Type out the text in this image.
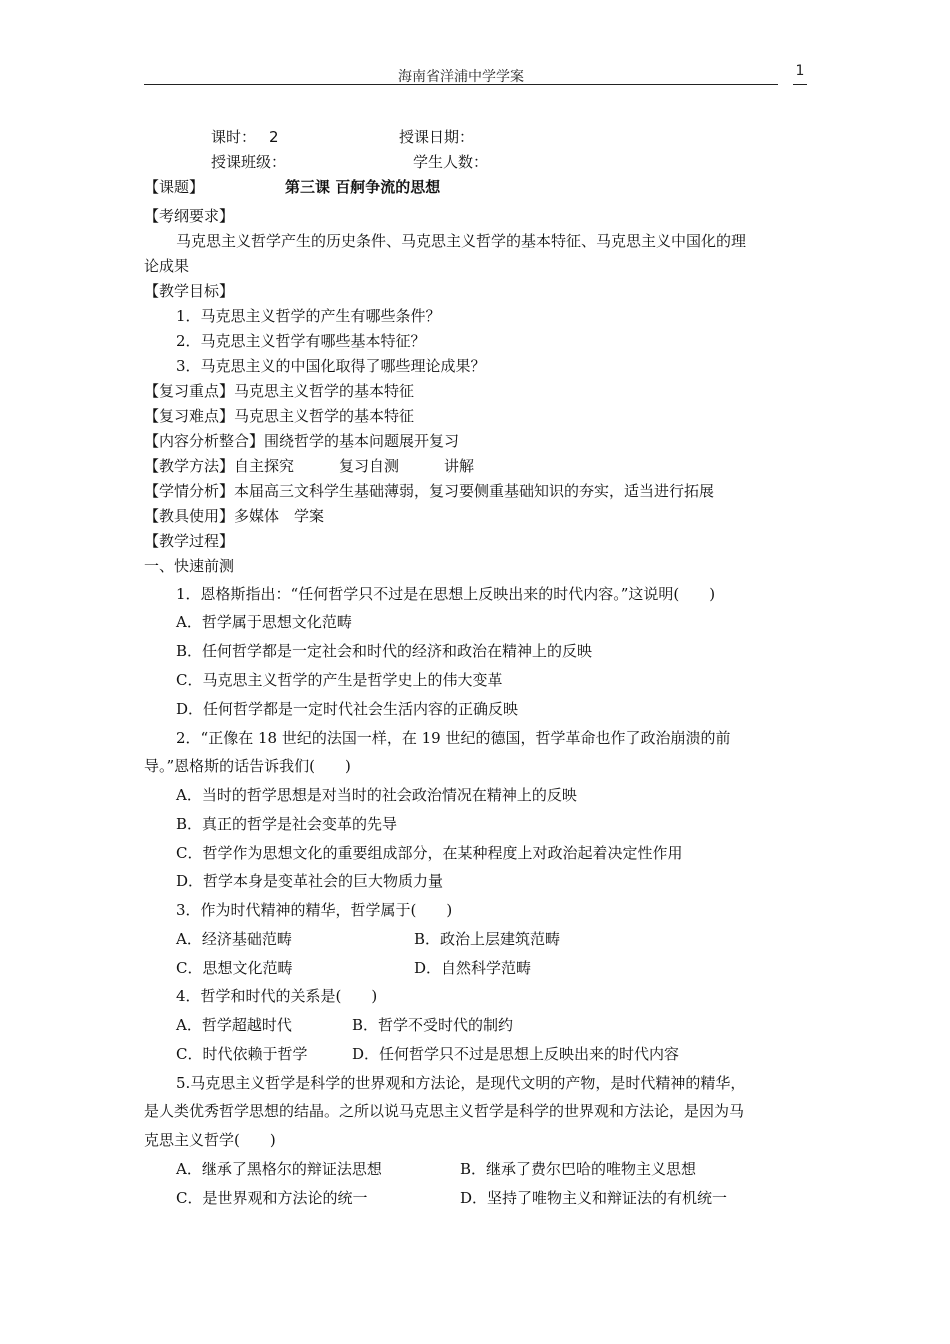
海南省洋浦中学学案	1
课时： 2	授课日期：
授课班级：	学生人数：
【课题】	第三课 百舸争流的思想
【考纲要求】
马克思主义哲学产生的历史条件、马克思主义哲学的基本特征、马克思主义中国化的理
论成果
【教学目标】
1．马克思主义哲学的产生有哪些条件？
2．马克思主义哲学有哪些基本特征？
3．马克思主义的中国化取得了哪些理论成果？
【复习重点】马克思主义哲学的基本特征
【复习难点】马克思主义哲学的基本特征
【内容分析整合】围绕哲学的基本问题展开复习
【教学方法】自主探究　　　复习自测　　　讲解
【学情分析】本届高三文科学生基础薄弱，复习要侧重基础知识的夯实，适当进行拓展
【教具使用】多媒体　学案
【教学过程】
一、快速前测
1．恩格斯指出：“任何哲学只不过是在思想上反映出来的时代内容。”这说明(　　)
A．哲学属于思想文化范畴
B．任何哲学都是一定社会和时代的经济和政治在精神上的反映
C．马克思主义哲学的产生是哲学史上的伟大变革
D．任何哲学都是一定时代社会生活内容的正确反映
2．“正像在 18 世纪的法国一样，在 19 世纪的德国，哲学革命也作了政治崩溃的前
导。”恩格斯的话告诉我们(　　)
A．当时的哲学思想是对当时的社会政治情况在精神上的反映
B．真正的哲学是社会变革的先导
C．哲学作为思想文化的重要组成部分，在某种程度上对政治起着决定性作用
D．哲学本身是变革社会的巨大物质力量
3．作为时代精神的精华，哲学属于(　　)
A．经济基础范畴	B．政治上层建筑范畴
C．思想文化范畴	D．自然科学范畴
4．哲学和时代的关系是(　　)
A．哲学超越时代	B．哲学不受时代的制约
C．时代依赖于哲学	D．任何哲学只不过是思想上反映出来的时代内容
5.马克思主义哲学是科学的世界观和方法论，是现代文明的产物，是时代精神的精华，
是人类优秀哲学思想的结晶。之所以说马克思主义哲学是科学的世界观和方法论，是因为马
克思主义哲学(　　)
A．继承了黑格尔的辩证法思想	B．继承了费尔巴哈的唯物主义思想
C．是世界观和方法论的统一	D．坚持了唯物主义和辩证法的有机统一
